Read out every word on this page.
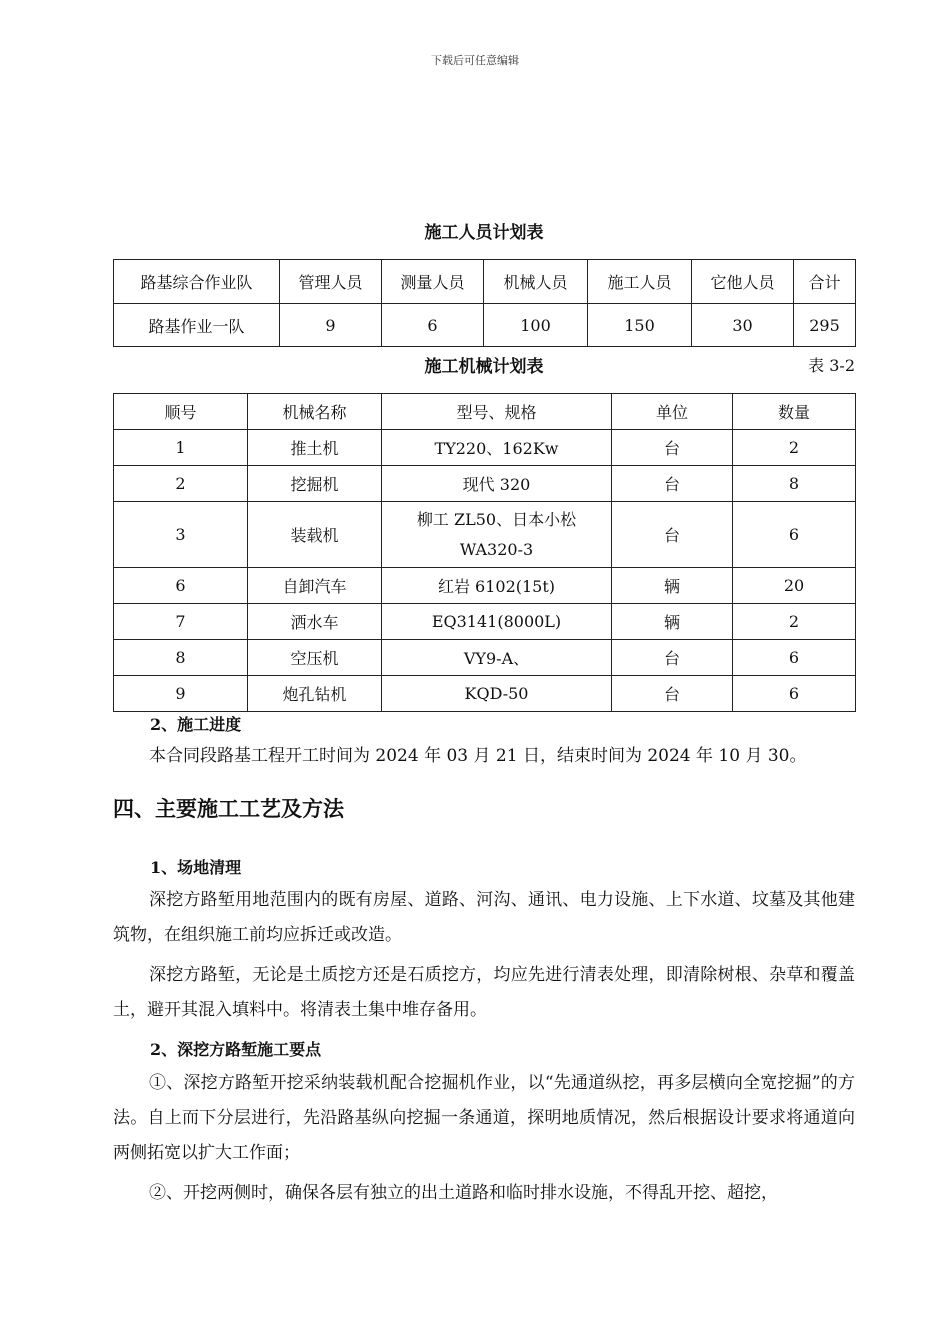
下载后可任意编辑
施工人员计划表
路基综合作业队	管理人员	测量人员	机械人员	施工人员	它他人员	合计
路基作业一队	9	6	100	150	30	295
施工机械计划表	表 3-2
顺号	机械名称	型号、规格	单位	数量
1	推土机	TY220、162Kw	台	2
2	挖掘机	现代 320	台	8
3	装载机	柳工 ZL50、日本小松 WA320-3	台	6
6	自卸汽车	红岩 6102(15t)	辆	20
7	洒水车	EQ3141(8000L)	辆	2
8	空压机	VY9-A、	台	6
9	炮孔钻机	KQD-50	台	6
2、施工进度
本合同段路基工程开工时间为 2024 年 03 月 21 日，结束时间为 2024 年 10 月 30。
四、主要施工工艺及方法
1、场地清理
深挖方路堑用地范围内的既有房屋、道路、河沟、通讯、电力设施、上下水道、坟墓及其他建筑物，在组织施工前均应拆迁或改造。
深挖方路堑，无论是土质挖方还是石质挖方，均应先进行清表处理，即清除树根、杂草和覆盖土，避开其混入填料中。将清表土集中堆存备用。
2、深挖方路堑施工要点
①、深挖方路堑开挖采纳装载机配合挖掘机作业，以“先通道纵挖，再多层横向全宽挖掘”的方法。自上而下分层进行，先沿路基纵向挖掘一条通道，探明地质情况，然后根据设计要求将通道向两侧拓宽以扩大工作面；
②、开挖两侧时，确保各层有独立的出土道路和临时排水设施，不得乱开挖、超挖，
